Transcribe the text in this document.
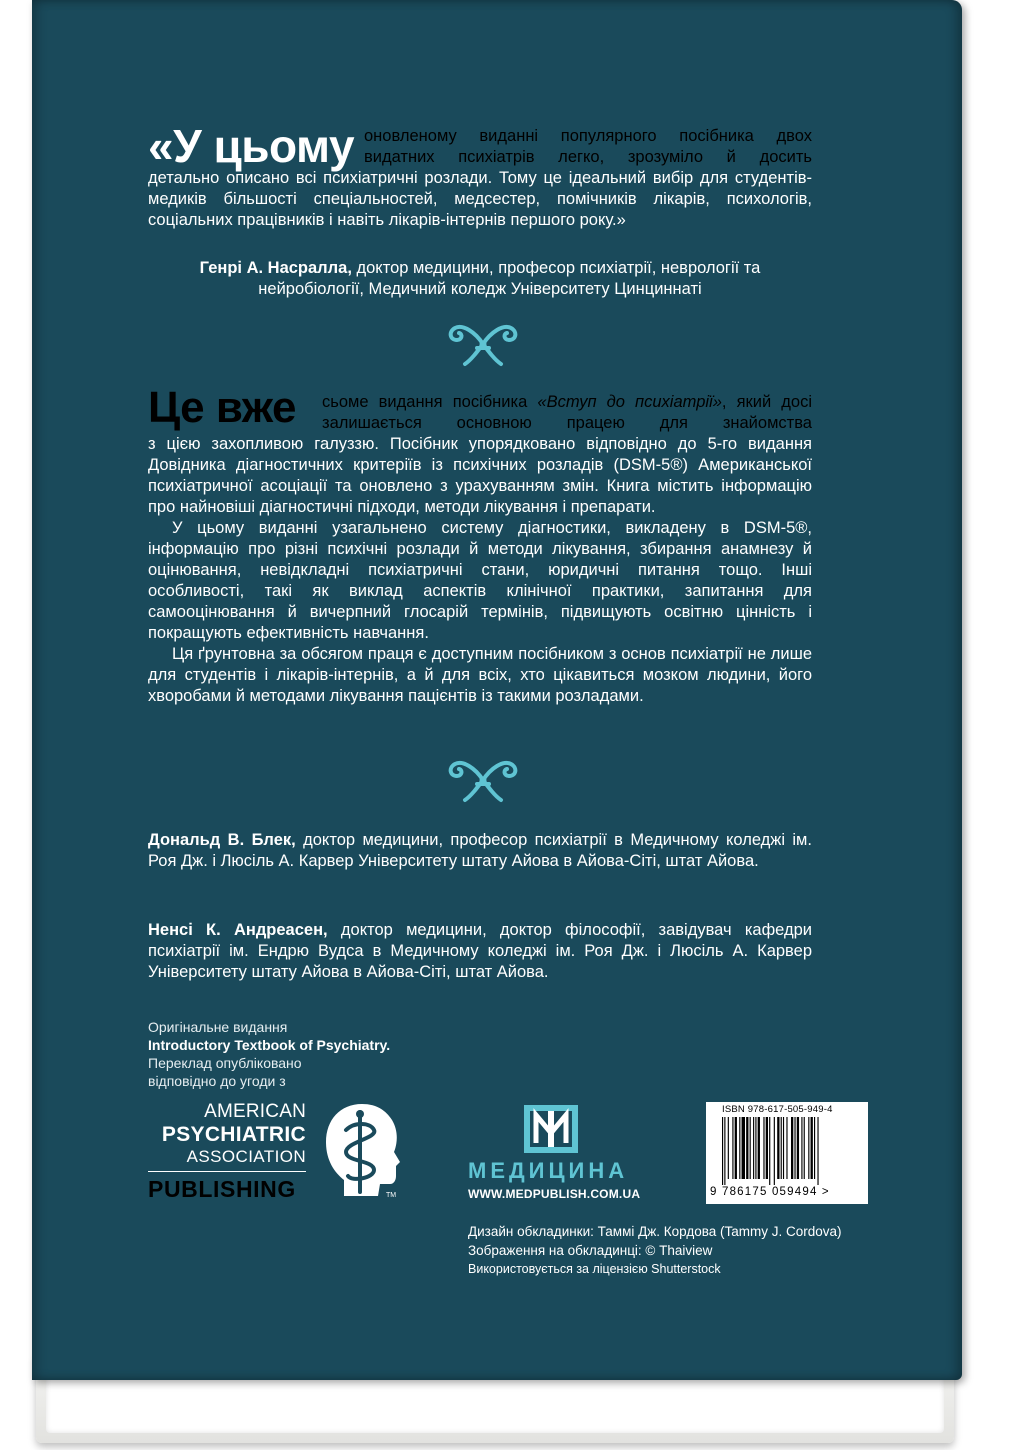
«У цьому оновленому виданні популярного посібника двох видатних психіатрів легко, зрозуміло й досить
детально описано всі психіатричні розлади. Тому це ідеальний вибір для студентів-медиків більшості спеціальностей, медсестер, помічників лікарів, психологів, соціальних працівників і навіть лікарів-інтернів першого року.»
Генрі А. Насралла, доктор медицини, професор психіатрії, неврології та нейробіології, Медичний коледж Університету Цинциннаті
Це вже сьоме видання посібника «Вступ до психіатрії», який досі залишається основною працею для знайомства

з цією захопливою галуззю. Посібник упорядковано відповідно до 5-го видання Довідника діагностичних критеріїв із психічних розладів (DSM-5®) Американської психіатричної асоціації та оновлено з урахуванням змін. Книга містить інформацію про найновіші діагностичні підходи, методи лікування і препарати.

У цьому виданні узагальнено систему діагностики, викладену в DSM-5®, інформацію про різні психічні розлади й методи лікування, збирання анамнезу й оцінювання, невідкладні психіатричні стани, юридичні питання тощо. Інші особливості, такі як виклад аспектів клінічної практики, запитання для самооцінювання й вичерпний глосарій термінів, підвищують освітню цінність і покращують ефективність навчання.

Ця ґрунтовна за обсягом праця є доступним посібником з основ психіатрії не лише для студентів і лікарів-інтернів, а й для всіх, хто цікавиться мозком людини, його хворобами й методами лікування пацієнтів із такими розладами.

Дональд В. Блек, доктор медицини, професор психіатрії в Медичному коледжі ім. Роя Дж. і Люсіль А. Карвер Університету штату Айова в Айова-Сіті, штат Айова.
Ненсі К. Андреасен, доктор медицини, доктор філософії, завідувач кафедри психіатрії ім. Ендрю Вудса в Медичному коледжі ім. Роя Дж. і Люсіль А. Карвер Університету штату Айова в Айова-Сіті, штат Айова.
Оригінальне видання
Introductory Textbook of Psychiatry.
Переклад опубліковано
відповідно до угоди з
AMERICAN
PSYCHIATRIC
ASSOCIATION
PUBLISHING	TM
МЕДИЦИНА
WWW.MEDPUBLISH.COM.UA
ISBN 978-617-505-949-4
9 786175 059494 >
Дизайн обкладинки: Таммі Дж. Кордова (Tammy J. Cordova)
Зображення на обкладинці: © Thaiview
Використовується за ліцензією Shutterstock
